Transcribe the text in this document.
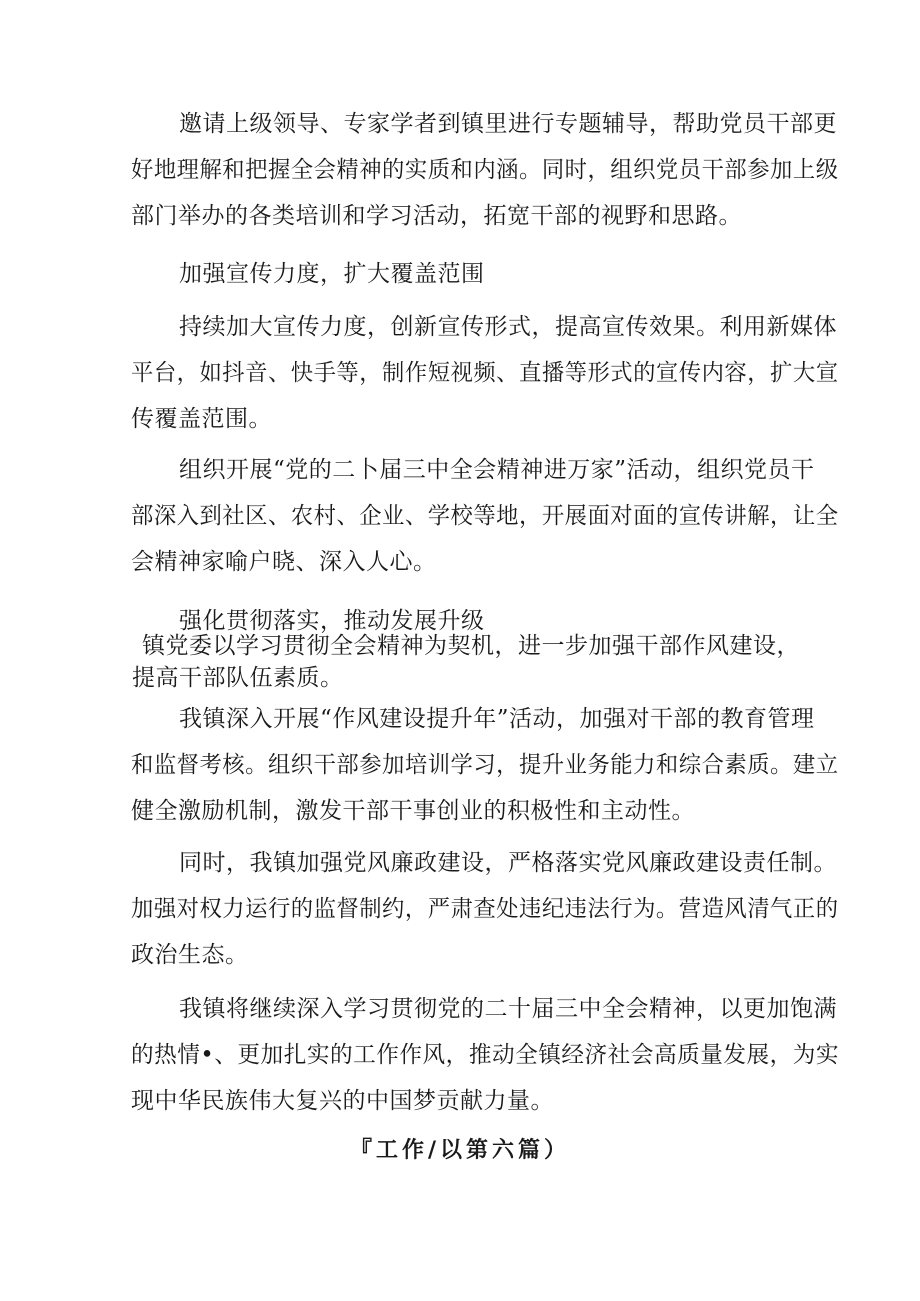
邀请上级领导、专家学者到镇里进行专题辅导，帮助党员干部更
好地理解和把握全会精神的实质和内涵。同时，组织党员干部参加上级
部门举办的各类培训和学习活动，拓宽干部的视野和思路。
加强宣传力度，扩大覆盖范围
持续加大宣传力度，创新宣传形式，提高宣传效果。利用新媒体
平台，如抖音、快手等，制作短视频、直播等形式的宣传内容，扩大宣
传覆盖范围。
组织开展“党的二卜届三中全会精神进万家”活动，组织党员干
部深入到社区、农村、企业、学校等地，开展面对面的宣传讲解，让全
会精神家喻户晓、深入人心。
强化贯彻落实，推动发展升级
镇党委以学习贯彻全会精神为契机，进一步加强干部作风建设，
提高干部队伍素质。
我镇深入开展“作风建设提升年”活动，加强对干部的教育管理
和监督考核。组织干部参加培训学习，提升业务能力和综合素质。建立
健全激励机制，激发干部干事创业的积极性和主动性。
同时，我镇加强党风廉政建设，严格落实党风廉政建设责任制。
加强对权力运行的监督制约，严肃查处违纪违法行为。营造风清气正的
政治生态。
我镇将继续深入学习贯彻党的二十届三中全会精神，以更加饱满
的热情•、更加扎实的工作作风，推动全镇经济社会高质量发展，为实
现中华民族伟大复兴的中国梦贡献力量。
『工作/以第六篇）
